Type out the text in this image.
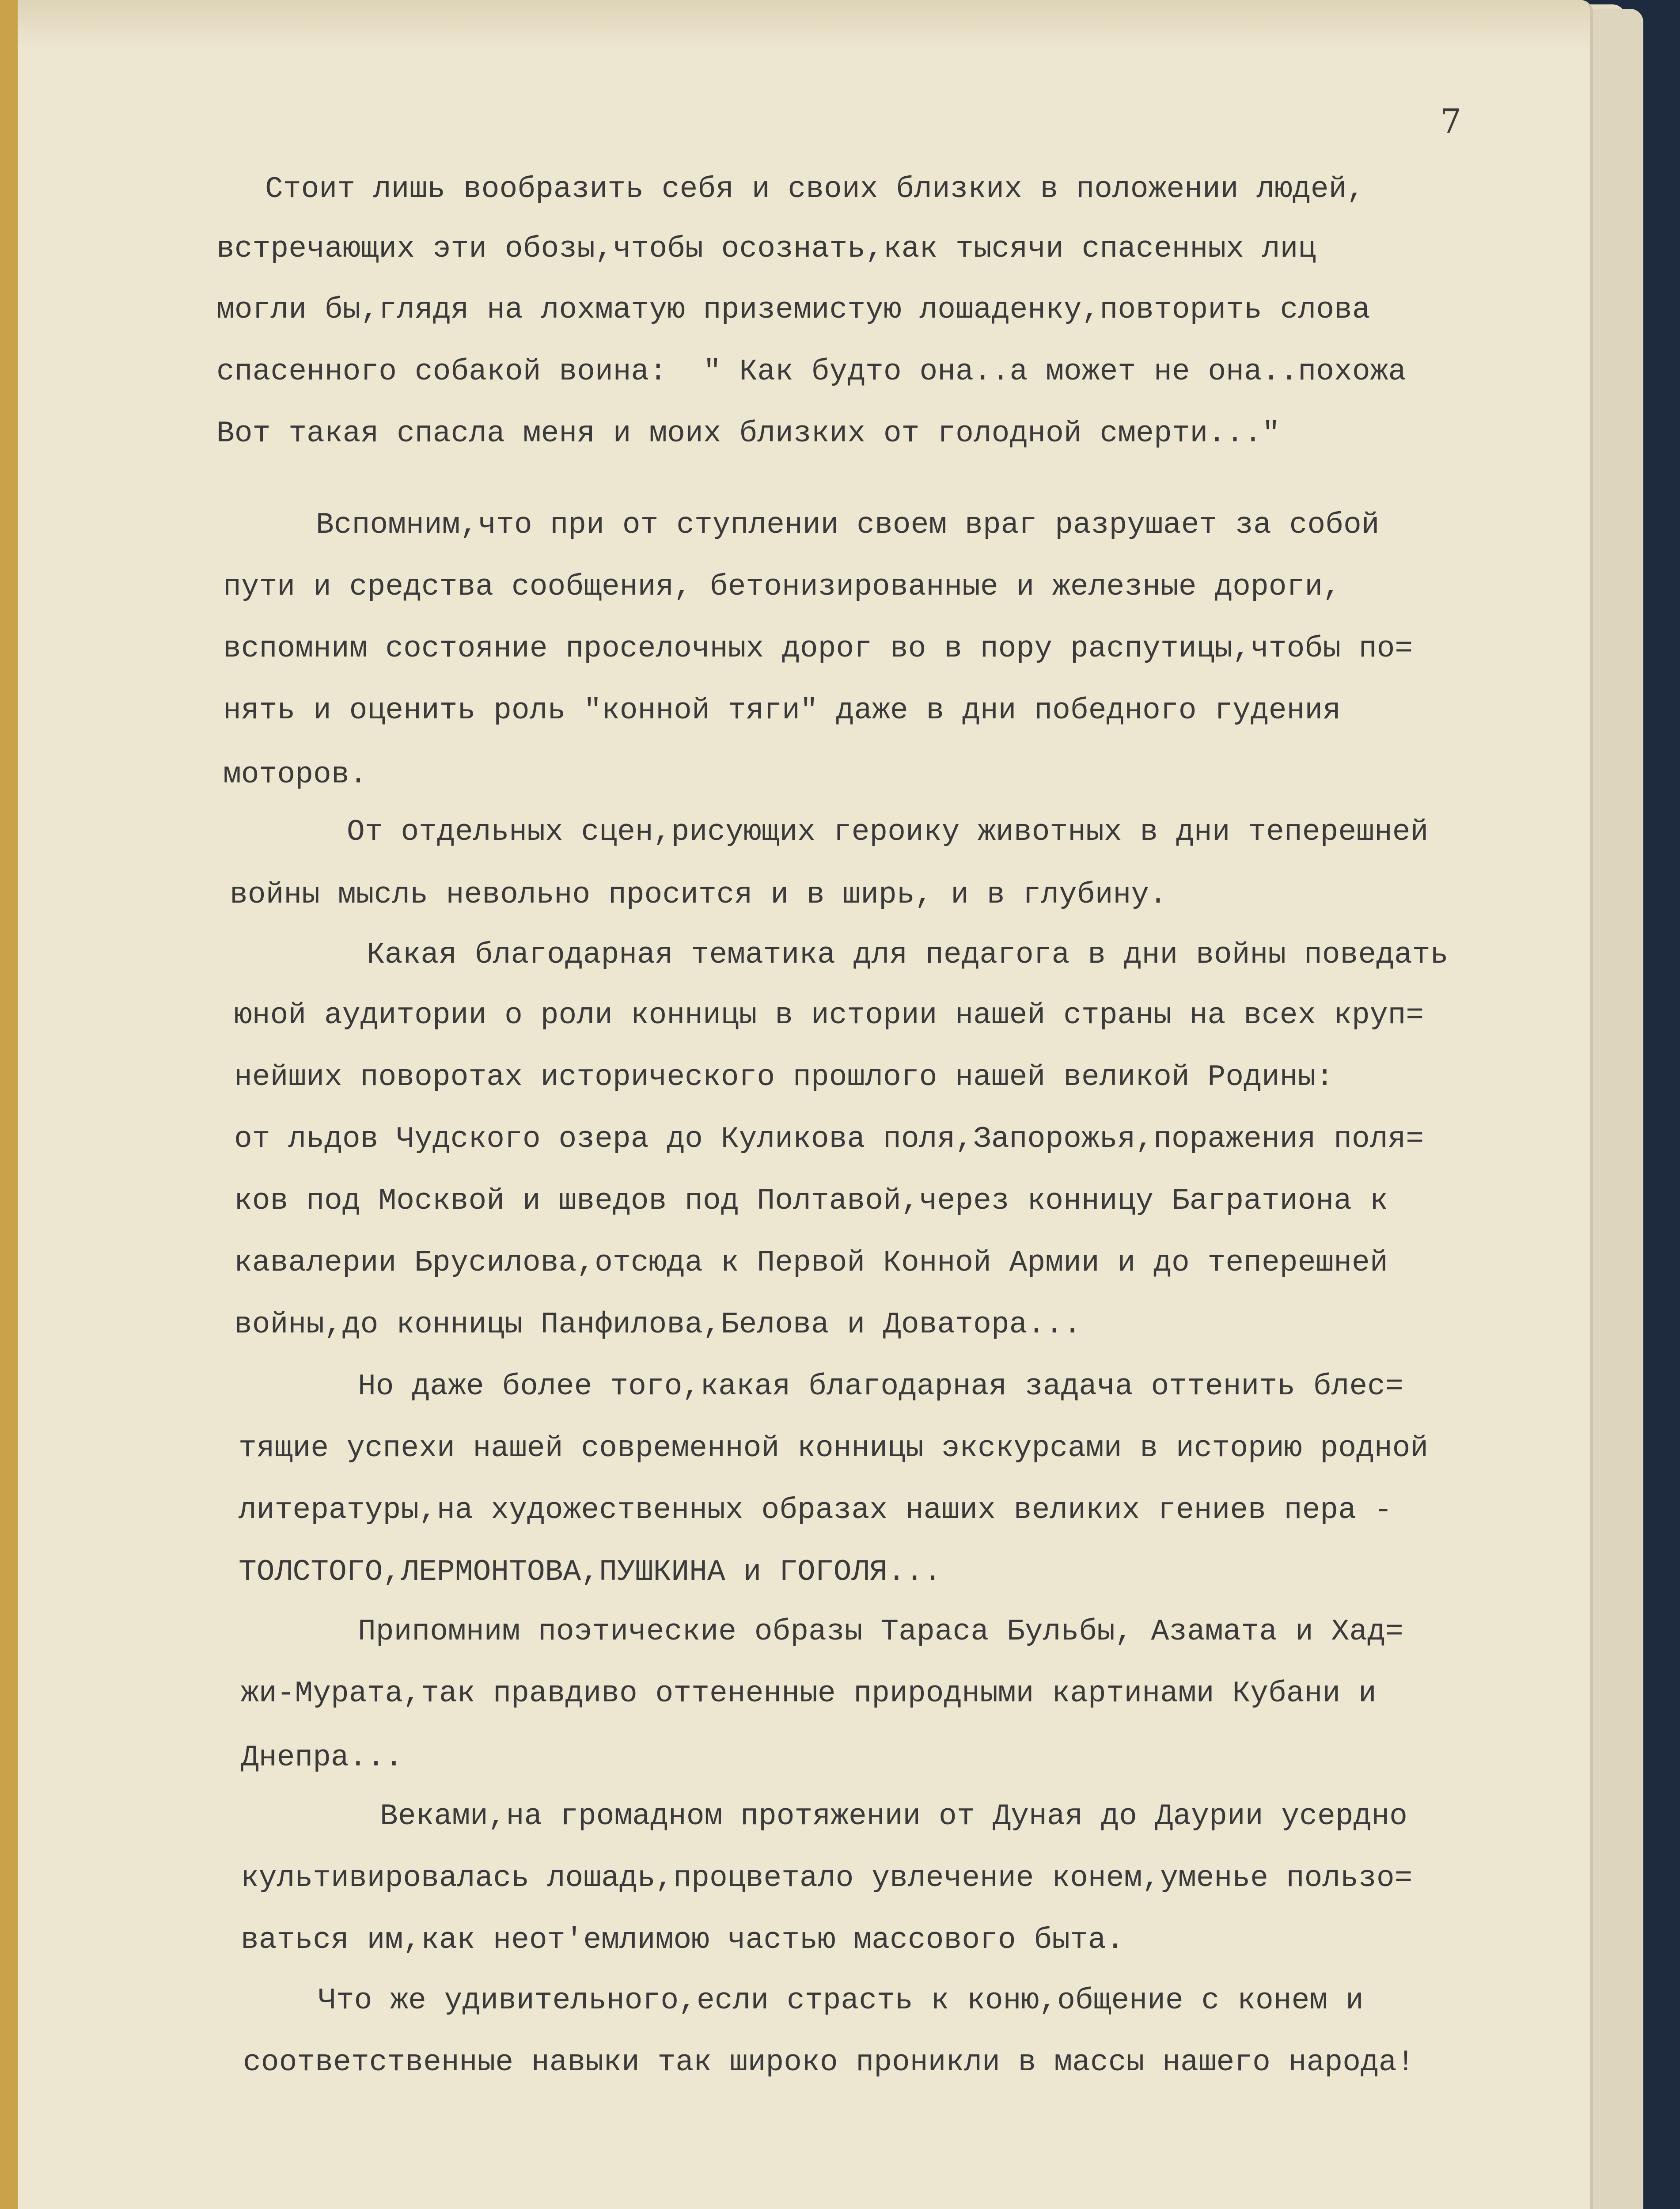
7
Стоит лишь вообразить себя и своих близких в положении людей,
встречающих эти обозы,чтобы осознать,как тысячи спасенных лиц
могли бы,глядя на лохматую приземистую лошаденку,повторить слова
спасенного собакой воина:  " Как будто она..а может не она..похожа
Вот такая спасла меня и моих близких от голодной смерти..."
Вспомним,что при от ступлении своем враг разрушает за собой
пути и средства сообщения, бетонизированные и железные дороги,
вспомним состояние проселочных дорог во в пору распутицы,чтобы по=
нять и оценить роль "конной тяги" даже в дни победного гудения
моторов.
От отдельных сцен,рисующих героику животных в дни теперешней
войны мысль невольно просится и в ширь, и в глубину.
Какая благодарная тематика для педагога в дни войны поведать
юной аудитории о роли конницы в истории нашей страны на всех круп=
нейших поворотах исторического прошлого нашей великой Родины:
от льдов Чудского озера до Куликова поля,Запорожья,поражения поля=
ков под Москвой и шведов под Полтавой,через конницу Багратиона к
кавалерии Брусилова,отсюда к Первой Конной Армии и до теперешней
войны,до конницы Панфилова,Белова и Доватора...
Но даже более того,какая благодарная задача оттенить блес=
тящие успехи нашей современной конницы экскурсами в историю родной
литературы,на художественных образах наших великих гениев пера -
ТОЛСТОГО,ЛЕРМОНТОВА,ПУШКИНА и ГОГОЛЯ...
Припомним поэтические образы Тараса Бульбы, Азамата и Хад=
жи-Мурата,так правдиво оттененные природными картинами Кубани и
Днепра...
Веками,на громадном протяжении от Дуная до Даурии усердно
культивировалась лошадь,процветало увлечение конем,уменье пользо=
ваться им,как неот'емлимою частью массового быта.
Что же удивительного,если страсть к коню,общение с конем и
соответственные навыки так широко проникли в массы нашего народа!
